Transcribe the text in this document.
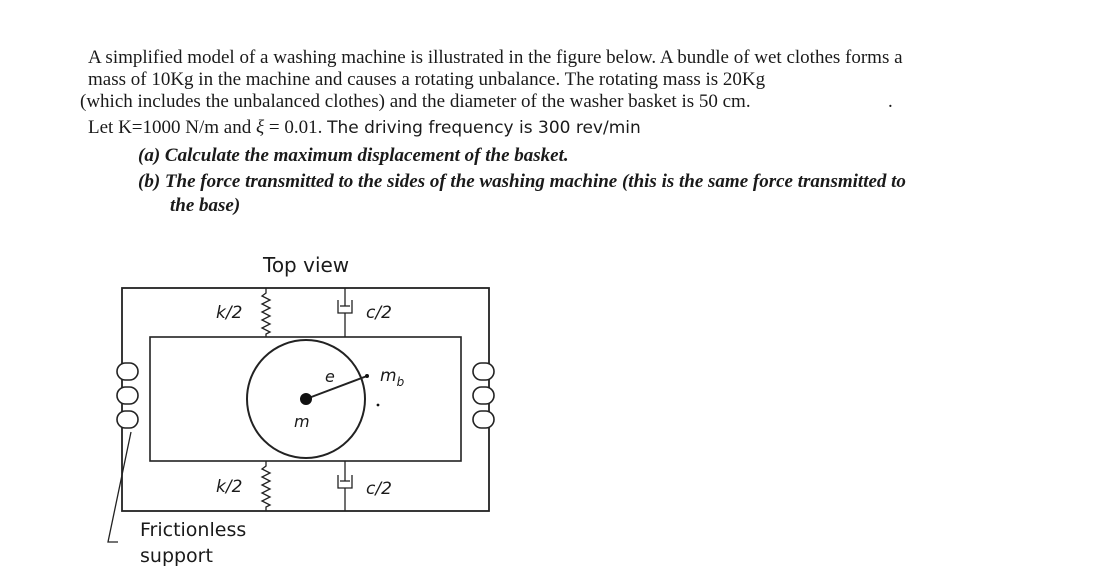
A simplified model of a washing machine is illustrated in the figure below. A bundle of wet clothes forms a
mass of 10Kg in the machine and causes a rotating unbalance. The rotating mass is 20Kg
(which includes the unbalanced clothes) and the diameter of the washer basket is 50 cm.	.
Let K=1000 N/m and ξ = 0.01. The driving frequency is 300 rev/min
(a) Calculate the maximum displacement of the basket.
(b) The force transmitted to the sides of the washing machine (this is the same force transmitted to
the base)
Top view
k/2
k/2
c/2
c/2
e	$m_b$
m
Frictionless
support
